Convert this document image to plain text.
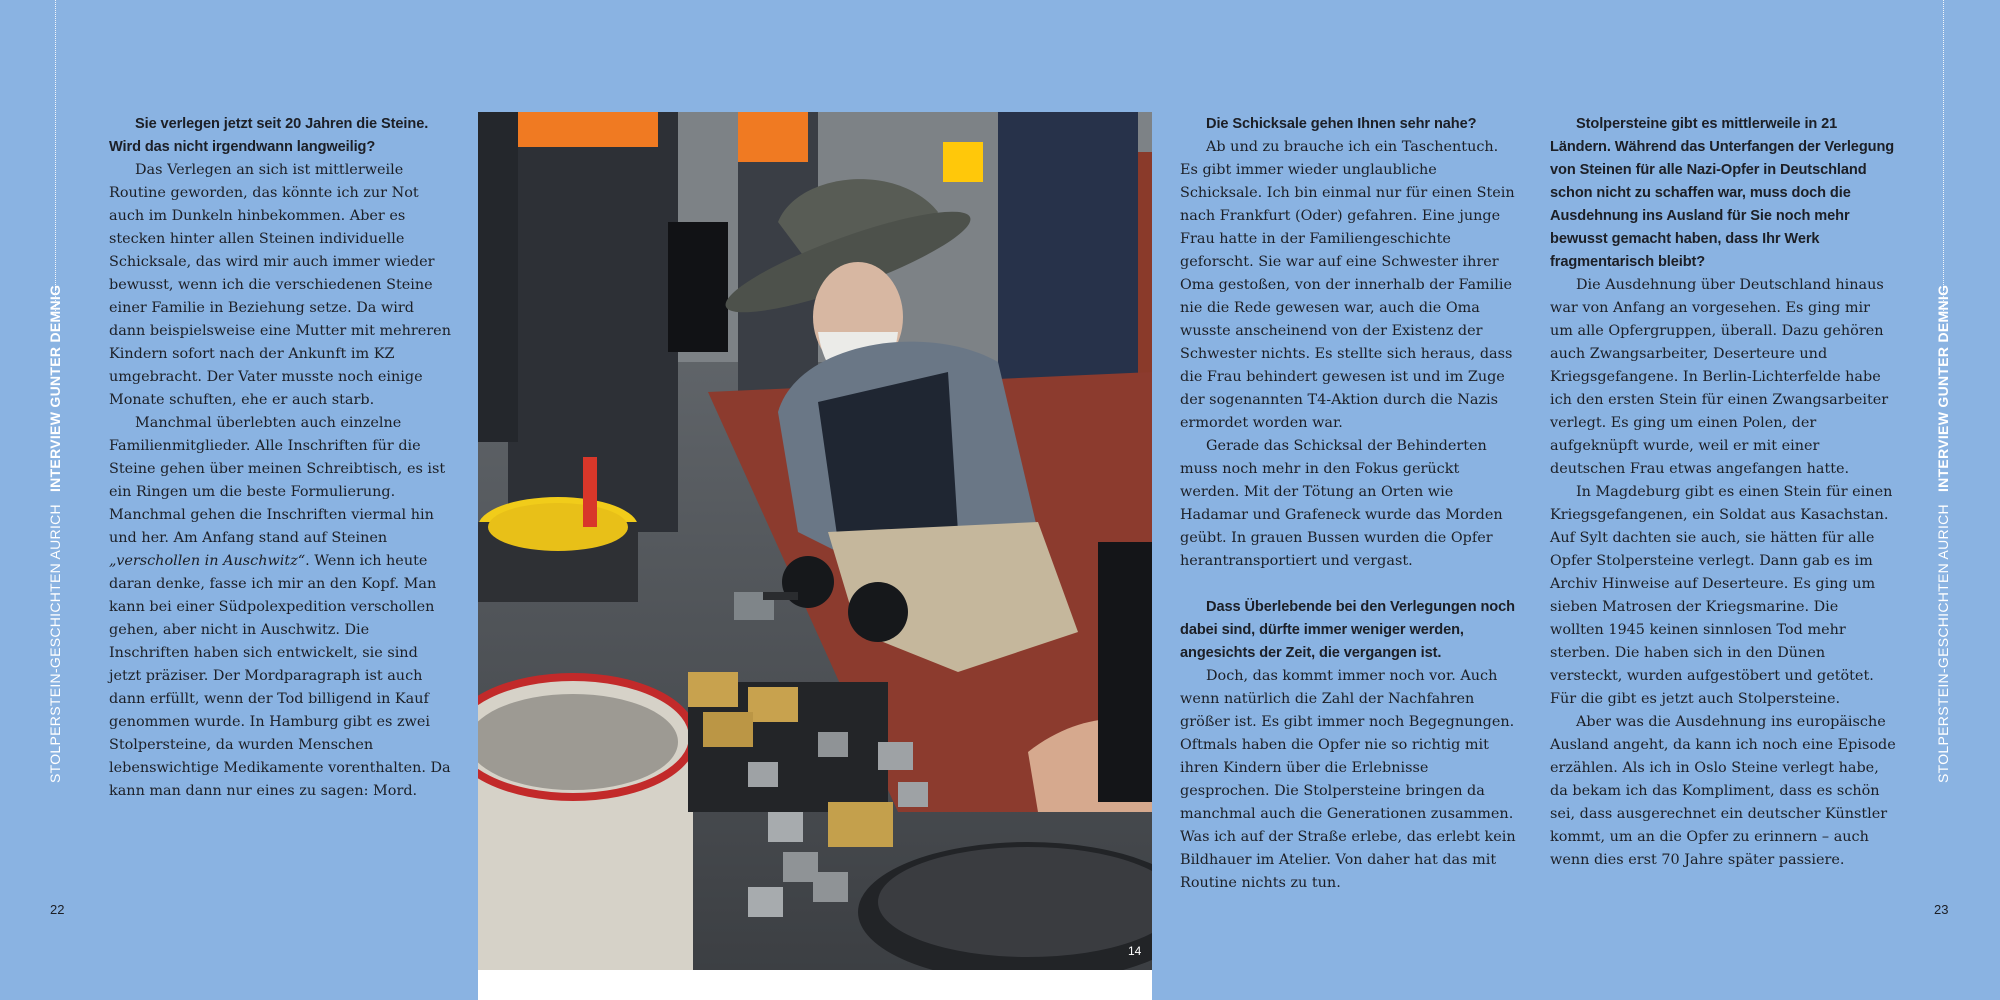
STOLPERSTEIN-GESCHICHTEN AURICHINTERVIEW GUNTER DEMNIG
STOLPERSTEIN-GESCHICHTEN AURICHINTERVIEW GUNTER DEMNIG
22	23

Sie verlegen jetzt seit 20 Jahren die Steine. Wird das nicht irgendwann langweilig?

Das Verlegen an sich ist mittlerweile Routine geworden, das könnte ich zur Not auch im Dunkeln hinbekommen. Aber es stecken hinter allen Steinen individuelle Schicksale, das wird mir auch immer wieder bewusst, wenn ich die verschiedenen Steine einer Familie in Beziehung setze. Da wird dann beispielsweise eine Mutter mit mehreren Kindern sofort nach der Ankunft im KZ umgebracht. Der Vater musste noch einige Monate schuften, ehe er auch starb.

Manchmal überlebten auch einzelne Familienmitglieder. Alle Inschriften für die Steine gehen über meinen Schreibtisch, es ist ein Ringen um die beste Formulierung. Manchmal gehen die Inschriften viermal hin und her. Am Anfang stand auf Steinen „verschollen in Auschwitz“. Wenn ich heute daran denke, fasse ich mir an den Kopf. Man kann bei einer Südpolexpedition verschollen gehen, aber nicht in Auschwitz. Die Inschriften haben sich entwickelt, sie sind jetzt präziser. Der Mordparagraph ist auch dann erfüllt, wenn der Tod billigend in Kauf genommen wurde. In Hamburg gibt es zwei Stolpersteine, da wurden Menschen lebenswichtige Medikamente vorenthalten. Da kann man dann nur eines zu sagen: Mord.

14

Die Schicksale gehen Ihnen sehr nahe?

Ab und zu brauche ich ein Taschentuch. Es gibt immer wieder unglaubliche Schicksale. Ich bin einmal nur für einen Stein nach Frankfurt (Oder) gefahren. Eine junge Frau hatte in der Familiengeschichte geforscht. Sie war auf eine Schwester ihrer Oma gestoßen, von der innerhalb der Familie nie die Rede gewesen war, auch die Oma wusste anscheinend von der Existenz der Schwester nichts. Es stellte sich heraus, dass die Frau behindert gewesen ist und im Zuge der sogenannten T4-Aktion durch die Nazis ermordet worden war.

Gerade das Schicksal der Behinderten muss noch mehr in den Fokus gerückt werden. Mit der Tötung an Orten wie Hadamar und Grafeneck wurde das Morden geübt. In grauen Bussen wurden die Opfer herantransportiert und vergast.

Dass Überlebende bei den Verlegungen noch dabei sind, dürfte immer weniger werden, angesichts der Zeit, die vergangen ist.

Doch, das kommt immer noch vor. Auch wenn natürlich die Zahl der Nachfahren größer ist. Es gibt immer noch Begegnungen. Oftmals haben die Opfer nie so richtig mit ihren Kindern über die Erlebnisse gesprochen. Die Stolpersteine bringen da manchmal auch die Generationen zusammen. Was ich auf der Straße erlebe, das erlebt kein Bildhauer im Atelier. Von daher hat das mit Routine nichts zu tun.

Stolpersteine gibt es mittlerweile in 21 Ländern. Während das Unterfangen der Verlegung von Steinen für alle Nazi-Opfer in Deutschland schon nicht zu schaffen war, muss doch die Ausdehnung ins Ausland für Sie noch mehr bewusst gemacht haben, dass Ihr Werk fragmentarisch bleibt?

Die Ausdehnung über Deutschland hinaus war von Anfang an vorgesehen. Es ging mir um alle Opfergruppen, überall. Dazu gehören auch Zwangsarbeiter, Deserteure und Kriegsgefangene. In Berlin-Lichterfelde habe ich den ersten Stein für einen Zwangsarbeiter verlegt. Es ging um einen Polen, der aufgeknüpft wurde, weil er mit einer deutschen Frau etwas angefangen hatte.

In Magdeburg gibt es einen Stein für einen Kriegsgefangenen, ein Soldat aus Kasachstan. Auf Sylt dachten sie auch, sie hätten für alle Opfer Stolpersteine verlegt. Dann gab es im Archiv Hinweise auf Deserteure. Es ging um sieben Matrosen der Kriegsmarine. Die wollten 1945 keinen sinnlosen Tod mehr sterben. Die haben sich in den Dünen versteckt, wurden aufgestöbert und getötet. Für die gibt es jetzt auch Stolpersteine.

Aber was die Ausdehnung ins europäische Ausland angeht, da kann ich noch eine Episode erzählen. Als ich in Oslo Steine verlegt habe, da bekam ich das Kompliment, dass es schön sei, dass ausgerechnet ein deutscher Künstler kommt, um an die Opfer zu erinnern – auch wenn dies erst 70 Jahre später passiere.
